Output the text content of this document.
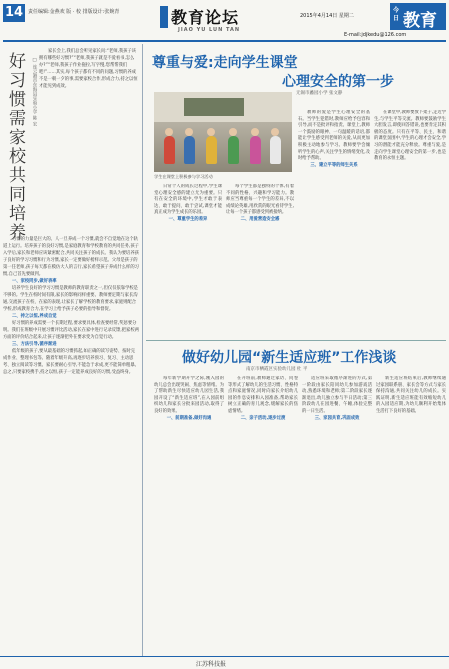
14 责任编辑:金燕欢 版 · 校 排版设计:张婉青	教育论坛
JIAO YU LUN TAN
2015年4月14日 星期二
今日 教育
E-mail:jdjkedu@126.com
好习惯需家校共同培养	□ 连云港市东海县实验小学 陈 宏

家长会上,我们总会听见家长问:“老师,我孩子该拥有哪些好习惯?”“老师,我孩子就是不爱看书,怎么办?”“老师,我孩子作业拖拉,写字慢,您帮帮我们吧!”……其实,每个孩子都有不同的问题,习惯的养成不是一朝一夕的事,需要家校合作,形成合力,持之以恒才能见到成效。

习惯的力量是巨大的。人一旦养成一个习惯,就会不自觉地在这个轨道上运行。培养孩子的良好习惯,是家庭教育和学校教育的共同任务,孩子入学后,家长和老师应该紧密配合,共同关注孩子的成长。我认为要培养孩子良好的学习习惯和行为习惯,家长一定要做好榜样示范。父母是孩子的第一任老师,孩子每天都在模仿大人的言行,家长希望孩子养成什么样的习惯,自己首先要做到。

一、家校同步,做好表率

培养学生良好的学习习惯是教师的教育职责之一,但仅仅依靠学校是不够的。学生在校时间有限,家长的影响同样重要。教师要定期与家长沟通,交流孩子在校、在家的表现,让家长了解学校的教育要求,家庭则配合学校,形成教育合力,在学习上给予孩子必要的指导和督促。

二、持之以恒,养成自觉

好习惯的养成需要一个长期过程,要求要具体,检查要经常,奖惩要分明。我们在班级中开展习惯评比活动,家长在家中进行记录反馈,把家校两方面的评价结合起来,让孩子逐渐把外在要求变为自觉行动。

三、方法引导,循序渐进

低年级的孩子,要从最基础的习惯抓起,如正确的读写姿势、按时完成作业、整理书包等。随着年级升高,再逐步培养预习、复习、主动思考、独立阅读等习惯。家长要耐心引导,不能急于求成,更不能简单粗暴。总之,只要家校携手,持之以恒,孩子一定能养成良好的习惯,受益终身。

尊重与爱:走向学生课堂
心理安全的第一步
无锡市蠡园小学 张文静
学生在课堂上积极参与学习活动

日常个人的成长过程中,学生课堂心理安全感的建立尤为重要。只有在安全的环境中,学生才敢于表达、敢于提问、敢于尝试,课堂才能真正成为学生成长的乐园。

一、尊重学生的差异

每个学生都是独特的个体,有着不同的性格、兴趣和学习能力。教师应当尊重每一个学生的差异,不以成绩论英雄,用欣赏的眼光看待学生,让每一个孩子都感受到被接纳。

二、用爱营造安全感

教师的爱是学生心理安全的基石。当学生犯错时,教师应给予包容和引导,而不是批评和指责。课堂上,教师一个鼓励的眼神、一句温暖的话语,都能让学生感受到老师的关爱,从而更加积极主动地参与学习。教师要学会倾听学生的心声,关注学生的情绪变化,及时给予帮助。

三、建立平等的师生关系

在课堂中,教师要放下架子,走近学生,与学生平等交流。教师要鼓励学生大胆发言,即使回答错误,也要肯定其积极的态度。只有在平等、民主、和谐的课堂氛围中,学生的心理才会安全,学习的潜能才能充分释放。尊重与爱,是走向学生课堂心理安全的第一步,也是教育的永恒主题。

做好幼儿园“新生适应班”工作浅谈
南京市栖霞区实验幼儿园 杜 平

每年新学期开学之际,刚入园的幼儿总会出现哭闹、焦虑等情绪。为了帮助新生尽快适应幼儿园生活,我园开设了“新生适应班”,在入园前组织幼儿和家长分批来园活动,取得了良好的效果。

一、前期准备,做好沟通

在开班前,教师通过家访、问卷等形式了解幼儿的生活习惯、性格特点和家庭情况,同时向家长介绍幼儿园的作息安排和入园准备,帮助家长树立正确的育儿观念,缓解家长的焦虑情绪。

二、亲子活动,逐步过渡

适应班采取循序渐进的方式,第一阶段由家长陪同幼儿参加游戏活动,熟悉环境和老师;第二阶段家长逐渐退出,幼儿独立参与半日活动;第三阶段幼儿在园进餐、午睡,体验完整的一日生活。

三、家园共育,巩固成效

新生适应班结束后,教师继续通过家园联系册、家长会等方式与家长保持沟通,共同关注幼儿的成长。实践证明,新生适应班能有效缩短幼儿的入园适应期,为幼儿顺利开始集体生活打下良好的基础。

江苏科技报
